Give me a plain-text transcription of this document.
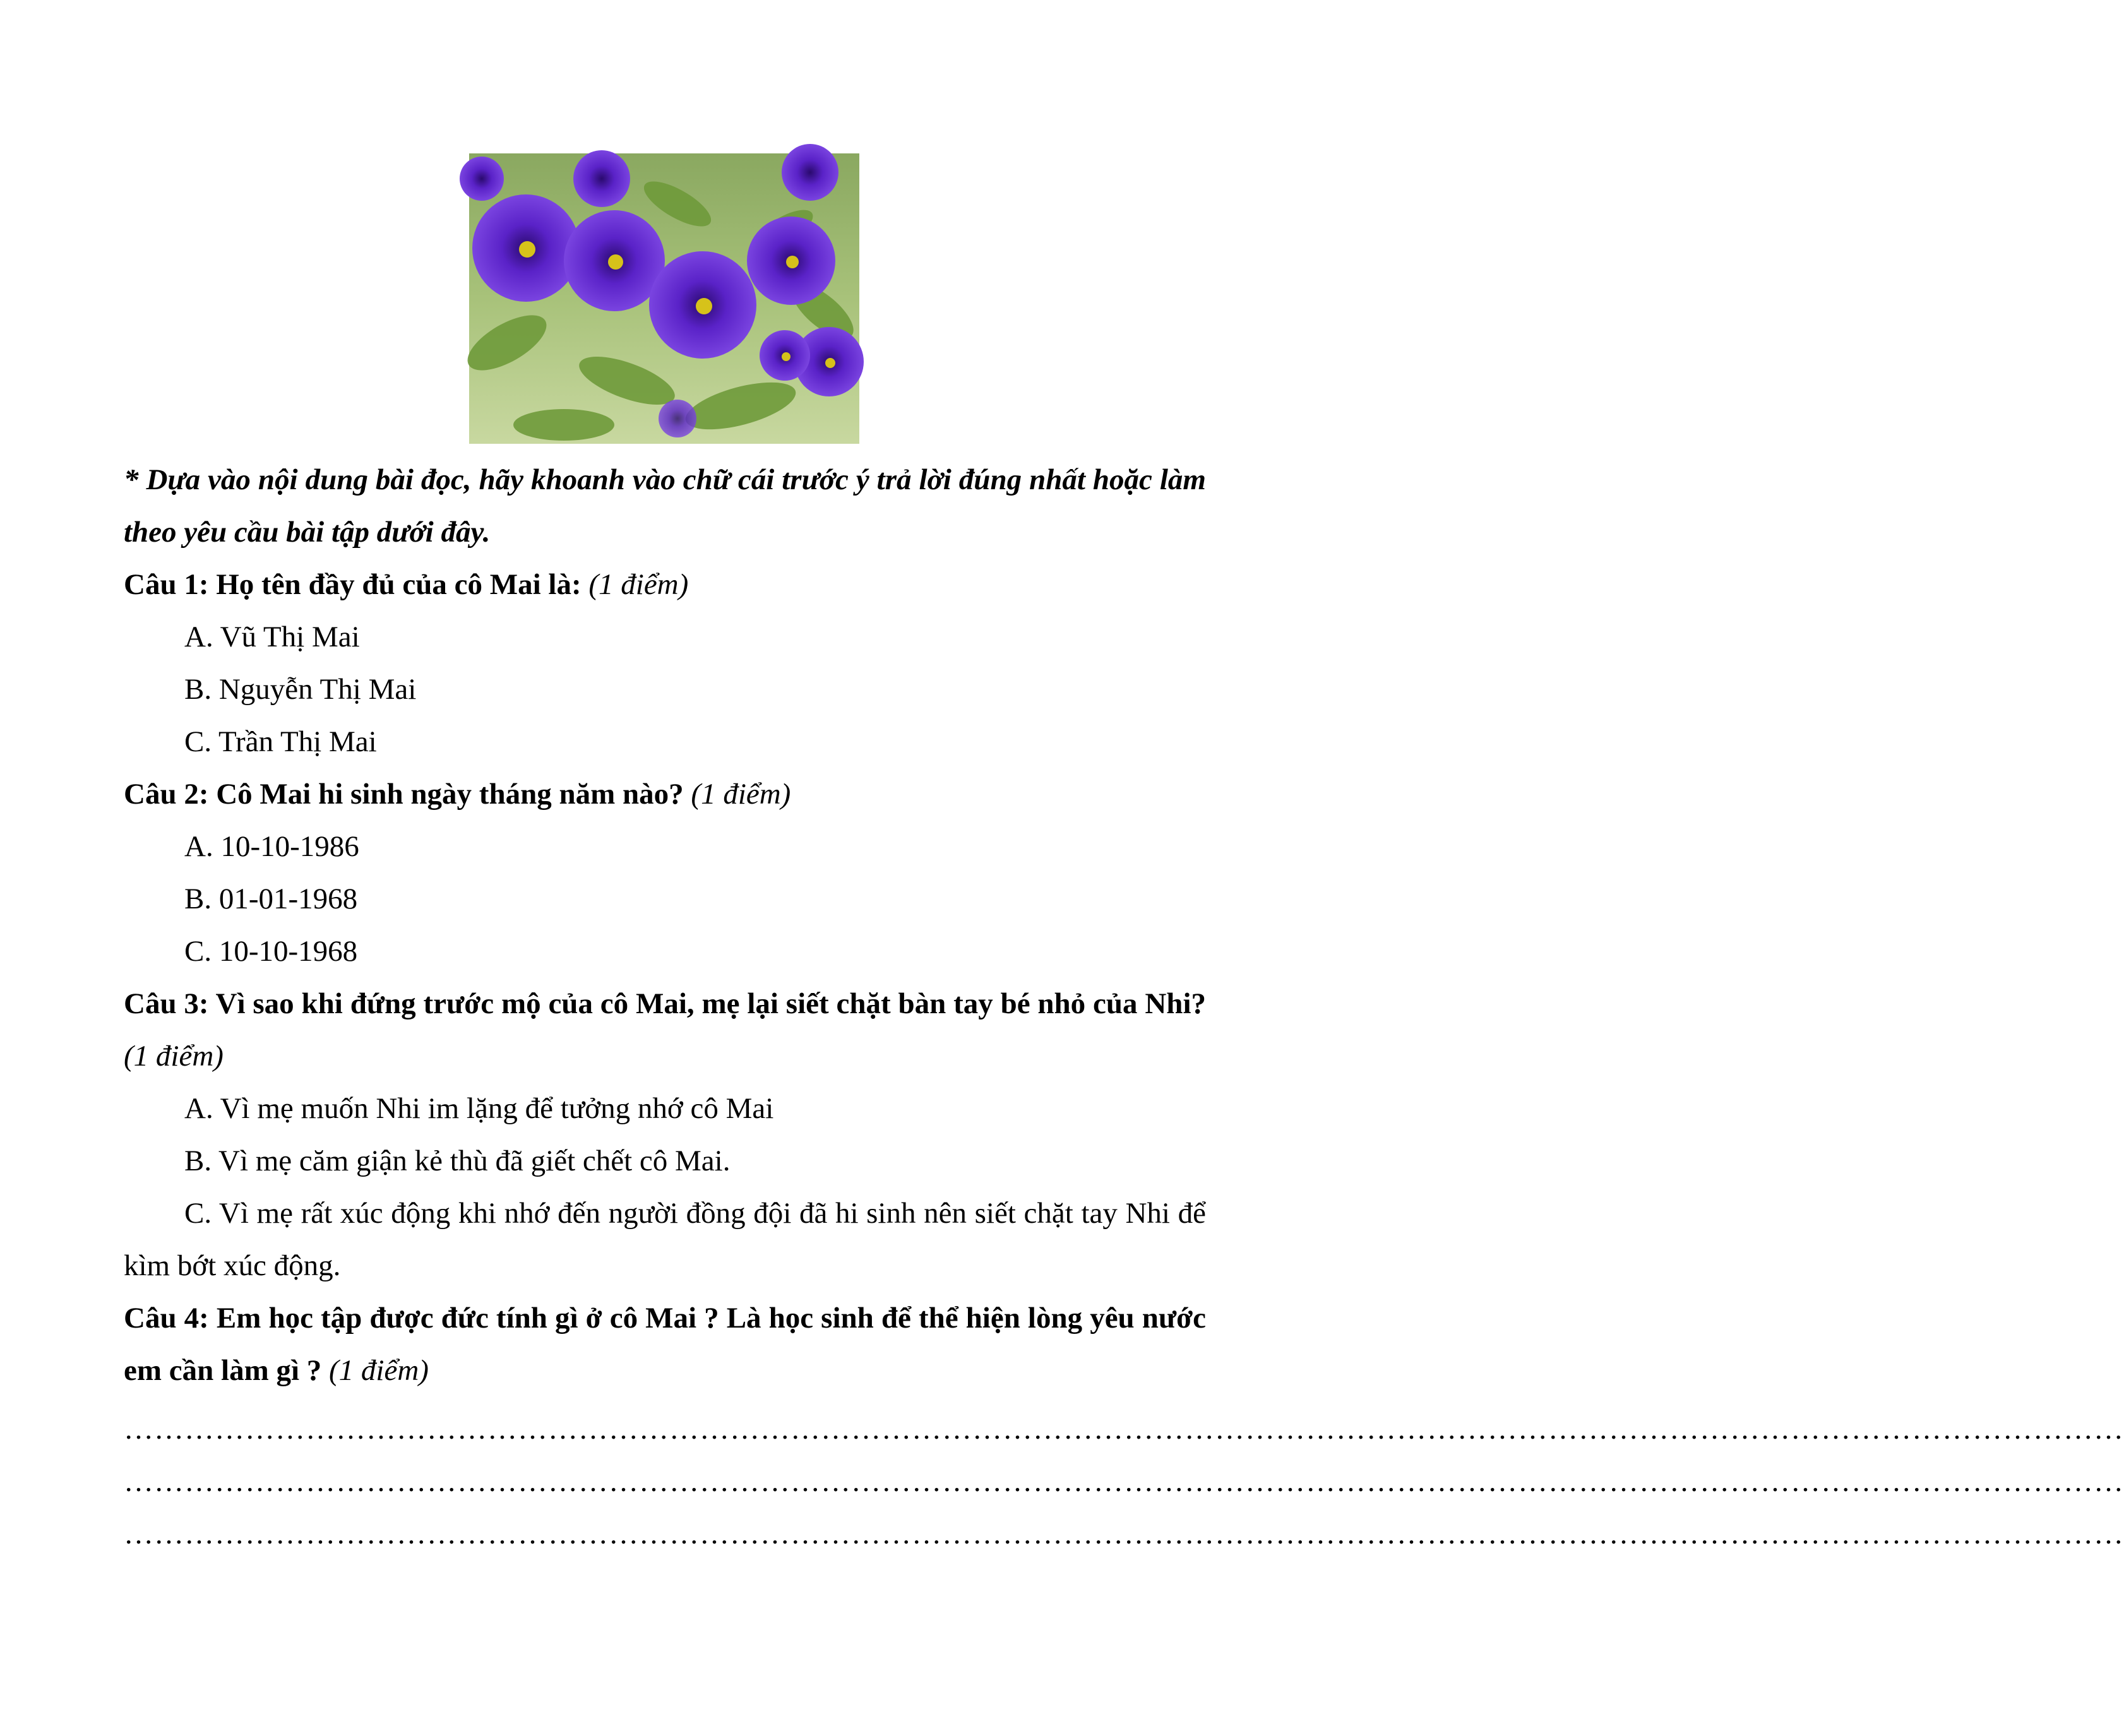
* Dựa vào nội dung bài đọc, hãy khoanh vào chữ cái trước ý trả lời đúng nhất hoặc làm theo yêu cầu bài tập dưới đây.

Câu 1: Họ tên đầy đủ của cô Mai là: (1 điểm)

A. Vũ Thị Mai

B. Nguyễn Thị Mai

C. Trần Thị Mai

Câu 2: Cô Mai hi sinh ngày tháng năm nào? (1 điểm)

A. 10-10-1986

B. 01-01-1968

C. 10-10-1968

Câu 3: Vì sao khi đứng trước mộ của cô Mai, mẹ lại siết chặt bàn tay bé nhỏ của Nhi? (1 điểm)

A. Vì mẹ muốn Nhi im lặng để tưởng nhớ cô Mai

B. Vì mẹ căm giận kẻ thù đã giết chết cô Mai.

C. Vì mẹ rất xúc động khi nhớ đến người đồng đội đã hi sinh nên siết chặt tay Nhi để kìm bớt xúc động.

Câu 4: Em học tập được đức tính gì ở cô Mai ? Là học sinh để thể hiện lòng yêu nước em cần làm gì ? (1 điểm)

………………………………………………………………………………………………………………………………………………………………………………
………………………………………………………………………………………………………………………………………………………………………………
………………………………………………………………………………………………………………………………………………………………………………
